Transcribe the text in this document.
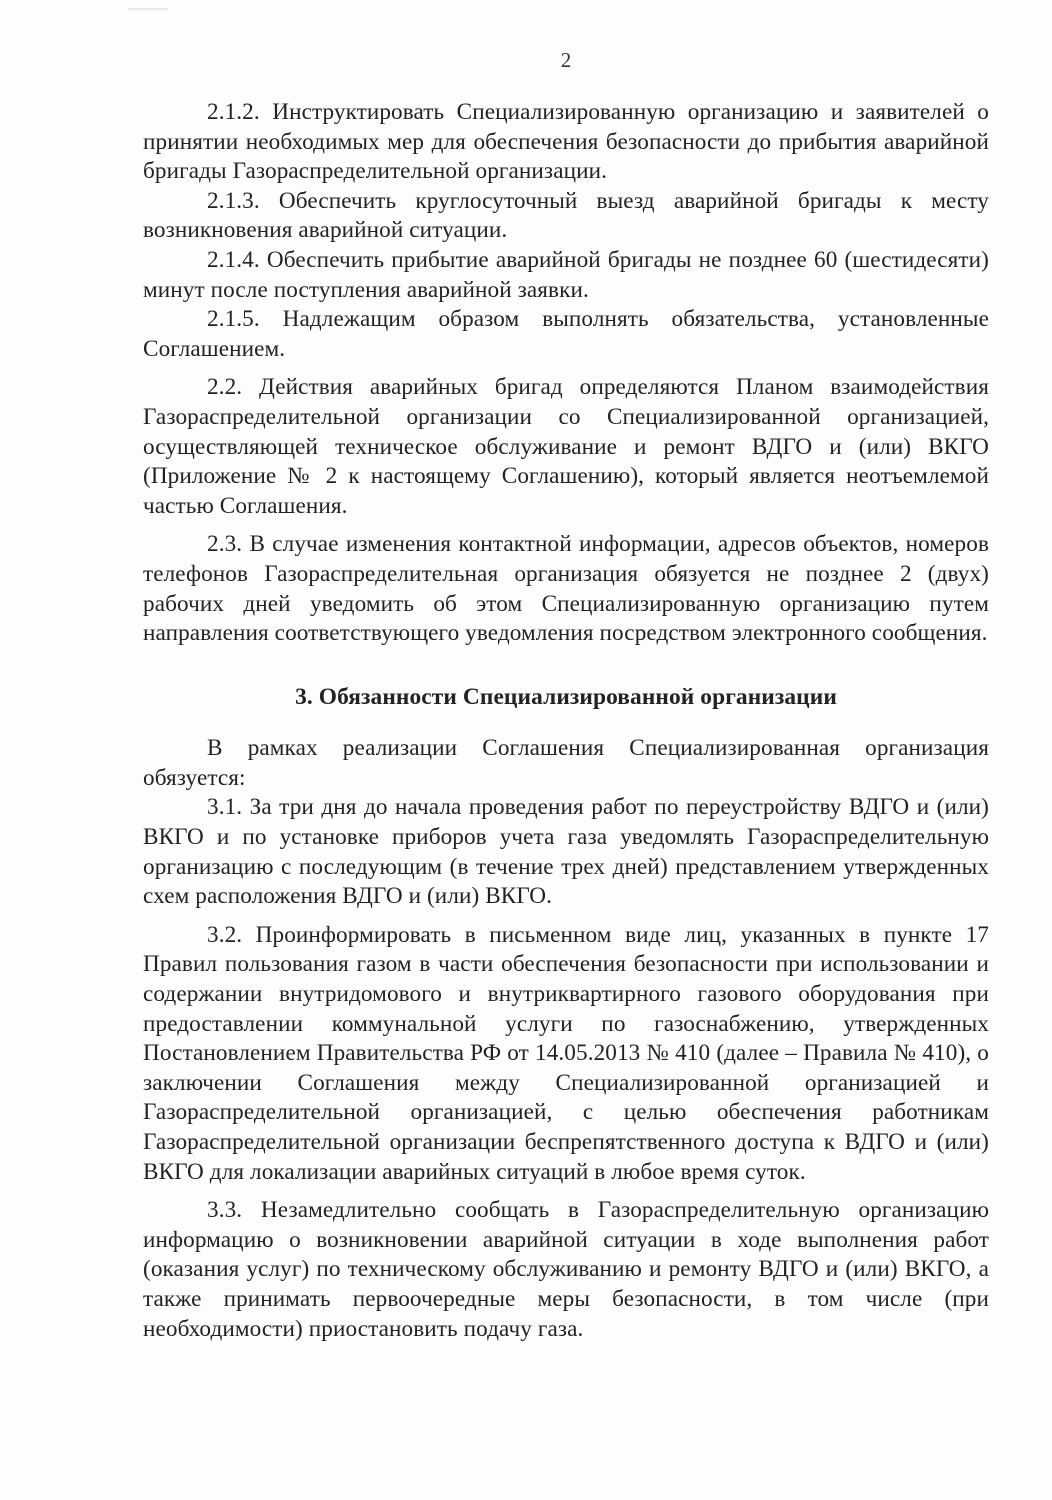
2

2.1.2. Инструктировать Специализированную организацию и заявителей о принятии необходимых мер для обеспечения безопасности до прибытия аварийной бригады Газораспределительной организации.

2.1.3. Обеспечить круглосуточный выезд аварийной бригады к месту возникновения аварийной ситуации.

2.1.4. Обеспечить прибытие аварийной бригады не позднее 60 (шестидесяти) минут после поступления аварийной заявки.

2.1.5. Надлежащим образом выполнять обязательства, установленные Соглашением.

2.2. Действия аварийных бригад определяются Планом взаимодействия Газораспределительной организации со Специализированной организацией, осуществляющей техническое обслуживание и ремонт ВДГО и (или) ВКГО (Приложение № 2 к настоящему Соглашению), который является неотъемлемой частью Соглашения.

2.3. В случае изменения контактной информации, адресов объектов, номеров телефонов Газораспределительная организация обязуется не позднее 2 (двух) рабочих дней уведомить об этом Специализированную организацию путем направления соответствующего уведомления посредством электронного сообщения.

3. Обязанности Специализированной организации

В рамках реализации Соглашения Специализированная организация обязуется:

3.1. За три дня до начала проведения работ по переустройству ВДГО и (или) ВКГО и по установке приборов учета газа уведомлять Газораспределительную организацию с последующим (в течение трех дней) представлением утвержденных схем расположения ВДГО и (или) ВКГО.

3.2. Проинформировать в письменном виде лиц, указанных в пункте 17 Правил пользования газом в части обеспечения безопасности при использовании и содержании внутридомового и внутриквартирного газового оборудования при предоставлении коммунальной услуги по газоснабжению, утвержденных Постановлением Правительства РФ от 14.05.2013 № 410 (далее – Правила № 410), о заключении Соглашения между Специализированной организацией и Газораспределительной организацией, с целью обеспечения работникам Газораспределительной организации беспрепятственного доступа к ВДГО и (или) ВКГО для локализации аварийных ситуаций в любое время суток.

3.3. Незамедлительно сообщать в Газораспределительную организацию информацию о возникновении аварийной ситуации в ходе выполнения работ (оказания услуг) по техническому обслуживанию и ремонту ВДГО и (или) ВКГО, а также принимать первоочередные меры безопасности, в том числе (при необходимости) приостановить подачу газа.
